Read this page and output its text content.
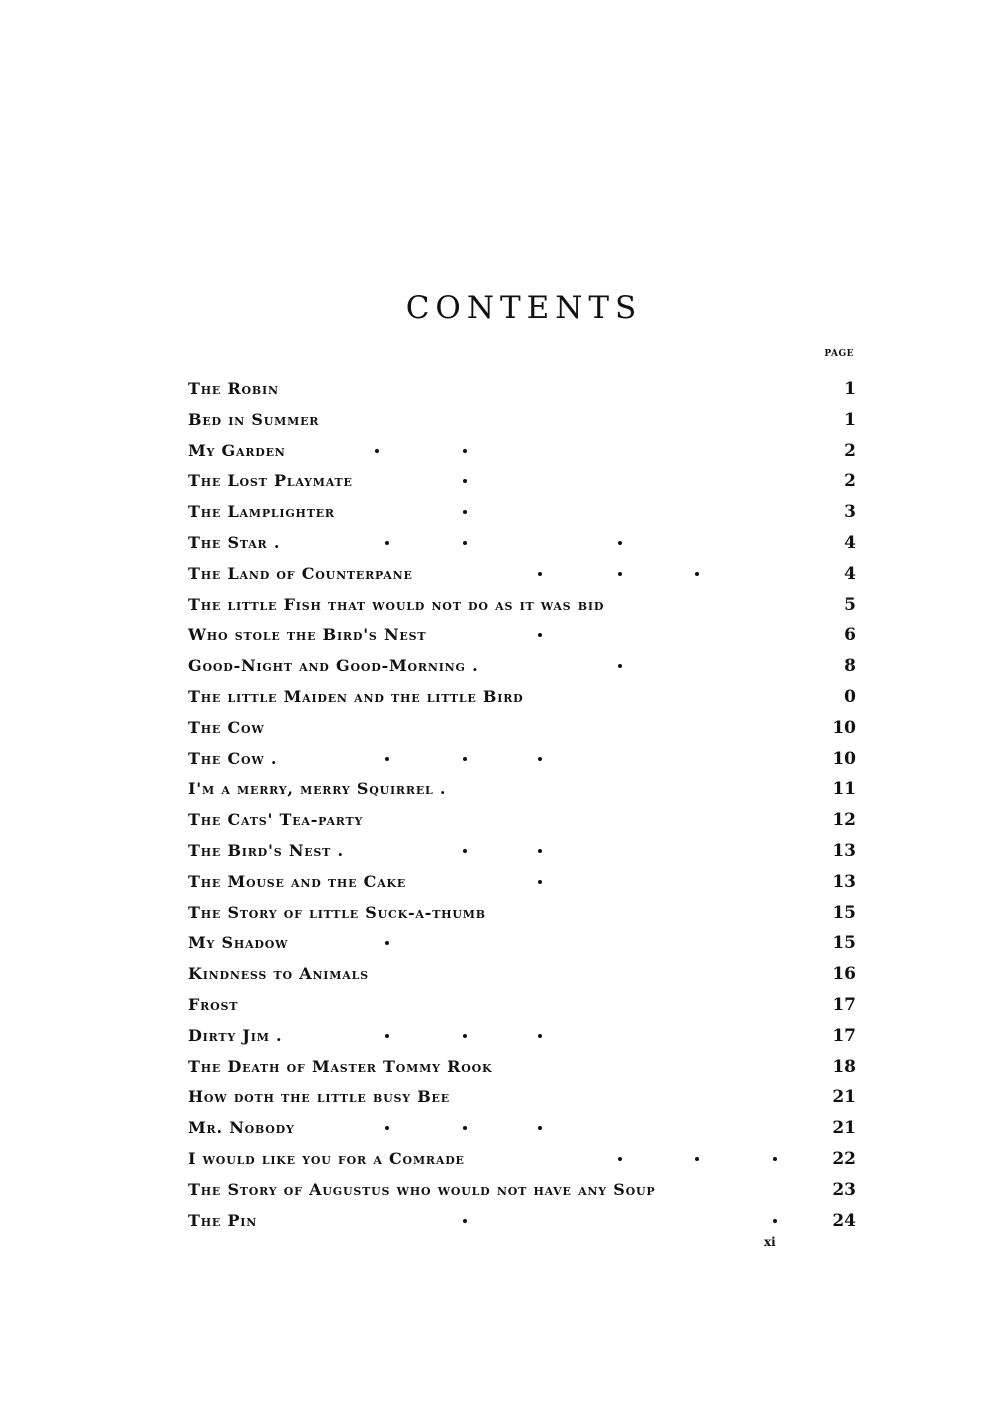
CONTENTS
PAGE
The Robin	1
Bed in Summer	1
My Garden	2
The Lost Playmate	2
The Lamplighter	3
The Star .	4
The Land of Counterpane	4
The little Fish that would not do as it was bid	5
Who stole the Bird's Nest	6
Good-Night and Good-Morning .	8
The little Maiden and the little Bird	0
The Cow	10
The Cow .	10
I'm a merry, merry Squirrel .	11
The Cats' Tea-party	12
The Bird's Nest .	13
The Mouse and the Cake	13
The Story of little Suck-a-thumb	15
My Shadow	15
Kindness to Animals	16
Frost	17
Dirty Jim .	17
The Death of Master Tommy Rook	18
How doth the little busy Bee	21
Mr. Nobody	21
I would like you for a Comrade	22
The Story of Augustus who would not have any Soup	23
The Pin	24
xi
